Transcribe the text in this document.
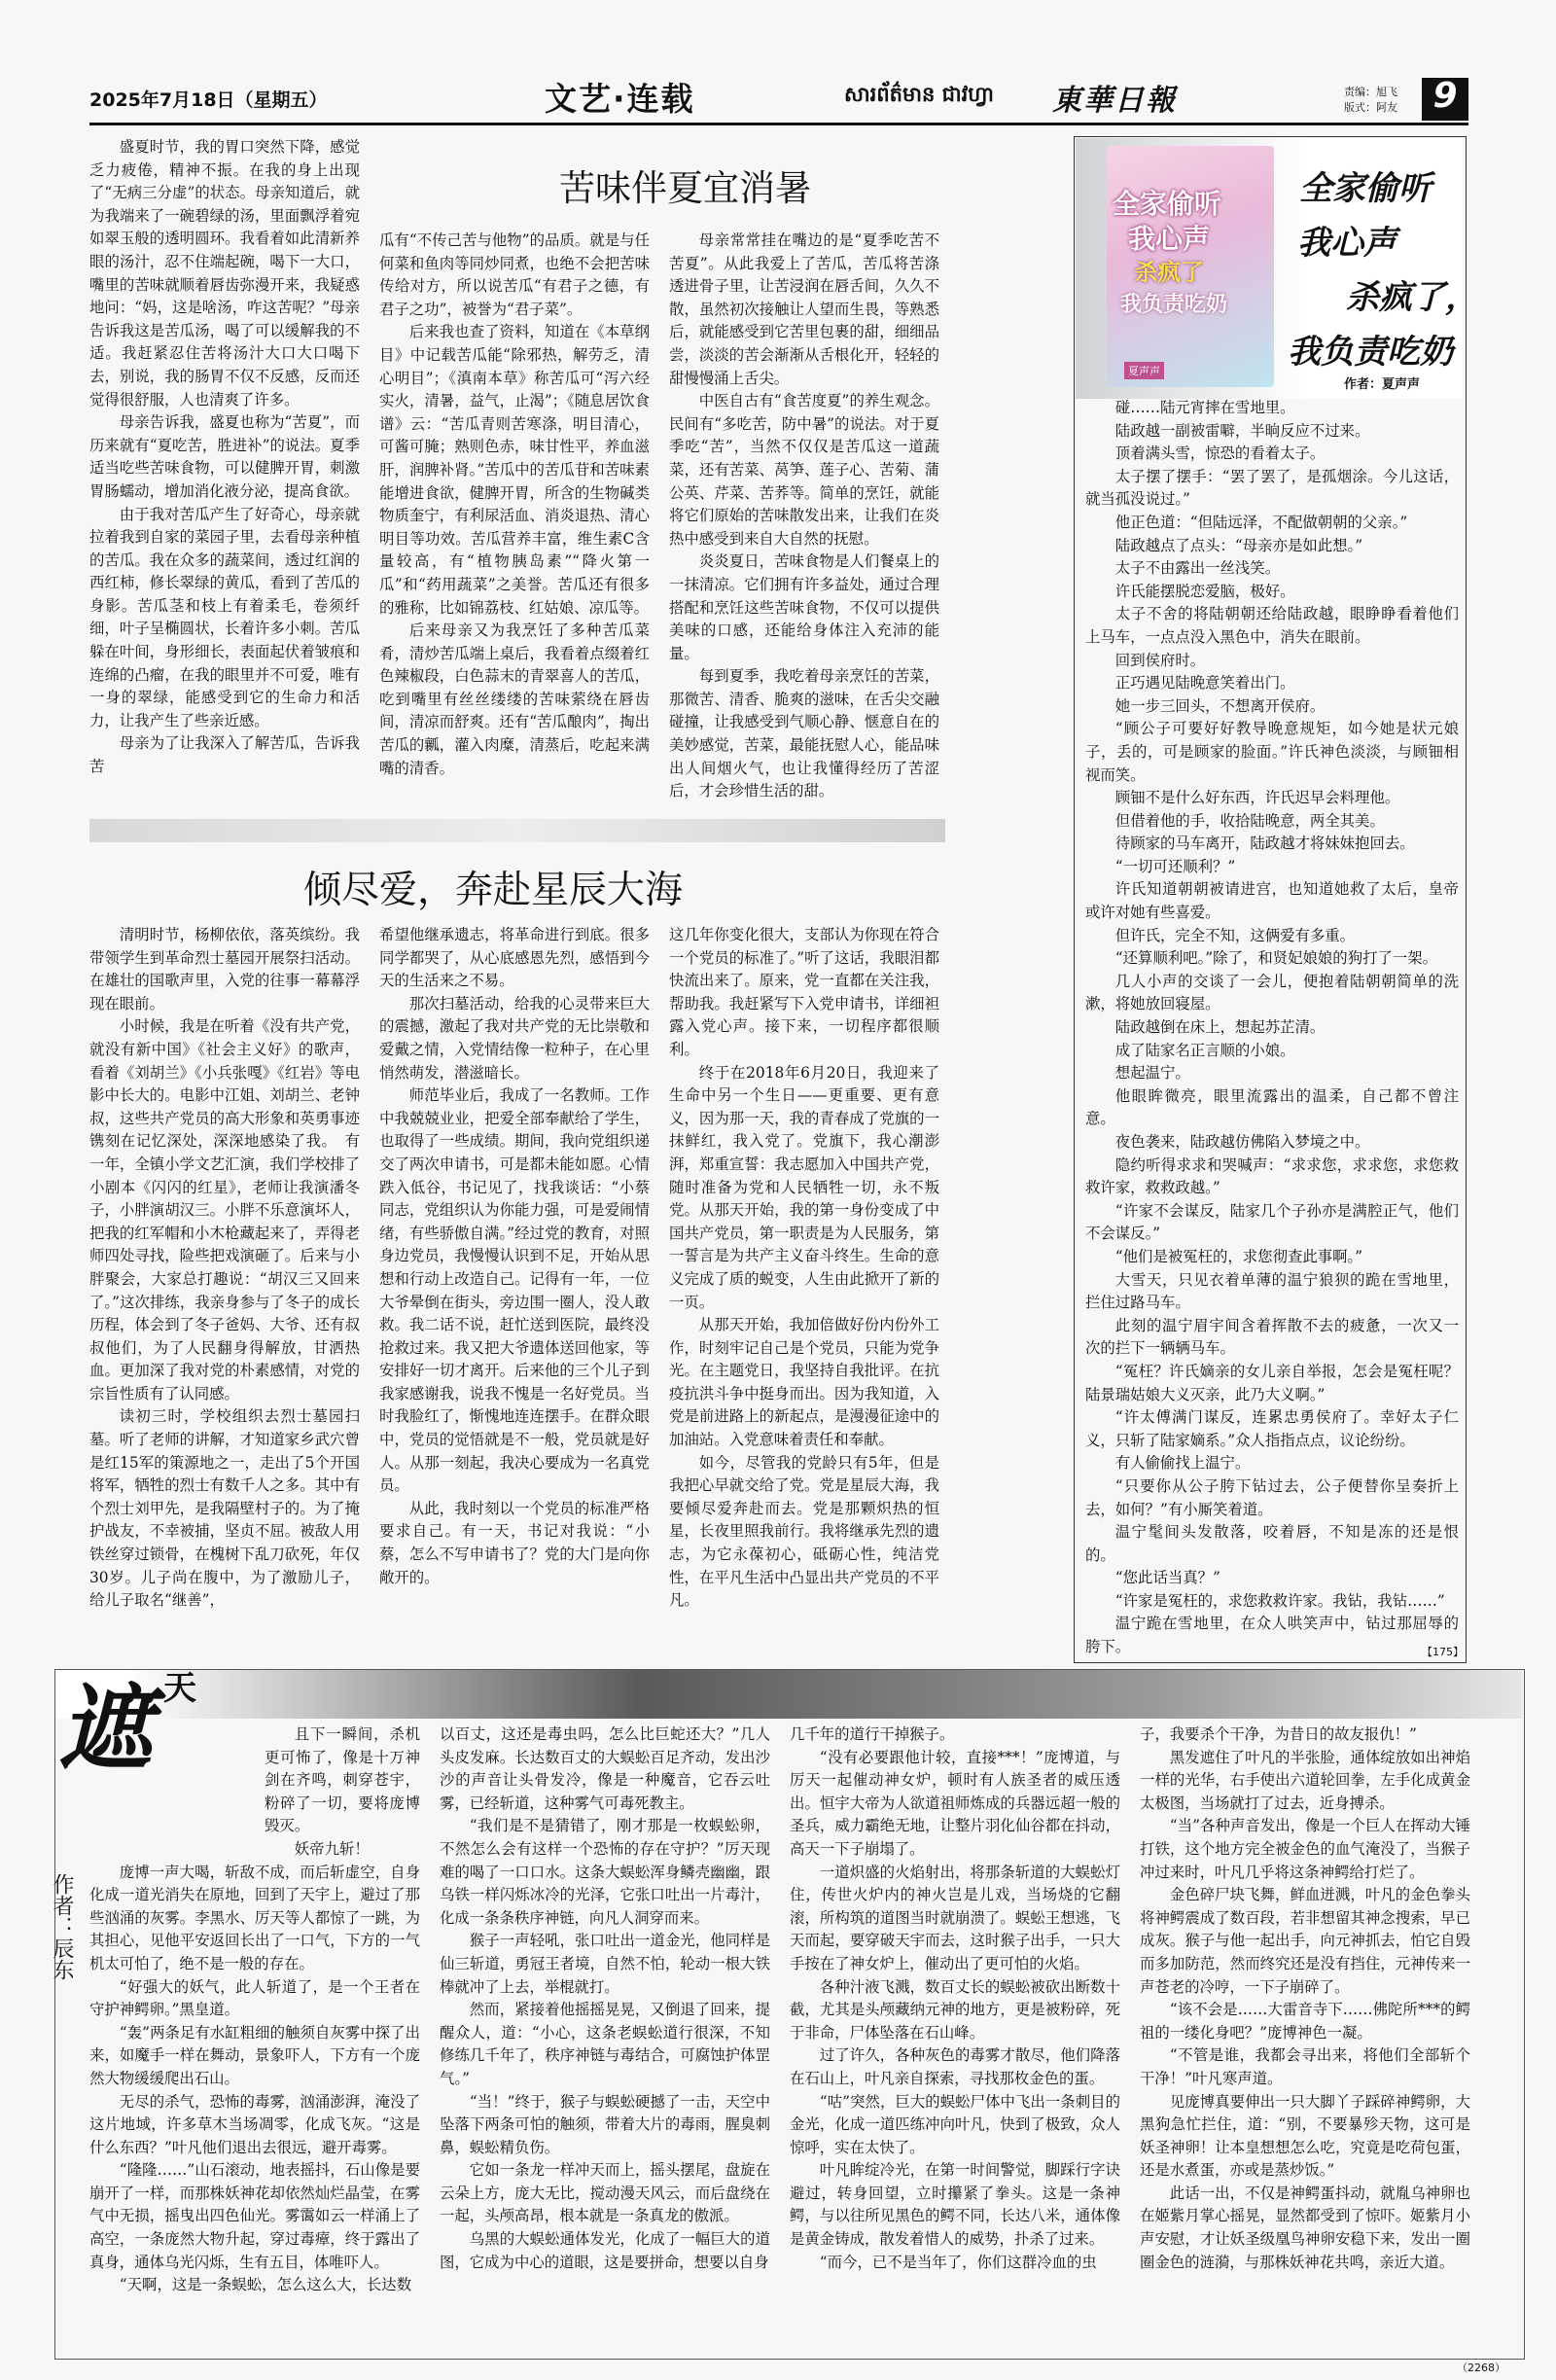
2025年7月18日（星期五）	文艺·连载	សារព័ត៌មាន ជាវហ្វា 東華日報	责编：旭飞
版式：阿友	9
苦味伴夏宜消暑

盛夏时节，我的胃口突然下降，感觉乏力疲倦，精神不振。在我的身上出现了“无病三分虚”的状态。母亲知道后，就为我端来了一碗碧绿的汤，里面飘浮着宛如翠玉般的透明圆环。我看着如此清新养眼的汤汁，忍不住端起碗，喝下一大口，嘴里的苦味就顺着唇齿弥漫开来，我疑惑地问：“妈，这是啥汤，咋这苦呢？”母亲告诉我这是苦瓜汤，喝了可以缓解我的不适。我赶紧忍住苦将汤汁大口大口喝下去，别说，我的肠胃不仅不反感，反而还觉得很舒服，人也清爽了许多。

母亲告诉我，盛夏也称为“苦夏”，而历来就有“夏吃苦，胜进补”的说法。夏季适当吃些苦味食物，可以健脾开胃，刺激胃肠蠕动，增加消化液分泌，提高食欲。

由于我对苦瓜产生了好奇心，母亲就拉着我到自家的菜园子里，去看母亲种植的苦瓜。我在众多的蔬菜间，透过红润的西红柿，修长翠绿的黄瓜，看到了苦瓜的身影。苦瓜茎和枝上有着柔毛，卷须纤细，叶子呈椭圆状，长着许多小刺。苦瓜躲在叶间，身形细长，表面起伏着皱痕和连绵的凸瘤，在我的眼里并不可爱，唯有一身的翠绿，能感受到它的生命力和活力，让我产生了些亲近感。

母亲为了让我深入了解苦瓜，告诉我苦

瓜有“不传己苦与他物”的品质。就是与任何菜和鱼肉等同炒同煮，也绝不会把苦味传给对方，所以说苦瓜“有君子之德，有君子之功”，被誉为“君子菜”。

后来我也查了资料，知道在《本草纲目》中记载苦瓜能“除邪热，解劳乏，清心明目”；《滇南本草》称苦瓜可“泻六经实火，清暑，益气，止渴”；《随息居饮食谱》云：“苦瓜青则苦寒涤，明目清心，可酱可腌；熟则色赤，味甘性平，养血滋肝，润脾补肾。”苦瓜中的苦瓜苷和苦味素能增进食欲，健脾开胃，所含的生物碱类物质奎宁，有利尿活血、消炎退热、清心明目等功效。苦瓜营养丰富，维生素C含量较高，有“植物胰岛素”“降火第一瓜”和“药用蔬菜”之美誉。苦瓜还有很多的雅称，比如锦荔枝、红姑娘、凉瓜等。

后来母亲又为我烹饪了多种苦瓜菜肴，清炒苦瓜端上桌后，我看着点缀着红色辣椒段，白色蒜末的青翠喜人的苦瓜，吃到嘴里有丝丝缕缕的苦味萦绕在唇齿间，清凉而舒爽。还有“苦瓜酿肉”，掏出苦瓜的瓤，灌入肉糜，清蒸后，吃起来满嘴的清香。

母亲常常挂在嘴边的是“夏季吃苦不苦夏”。从此我爱上了苦瓜，苦瓜将苦涤透进骨子里，让苦浸润在唇舌间，久久不散，虽然初次接触让人望而生畏，等熟悉后，就能感受到它苦里包裹的甜，细细品尝，淡淡的苦会渐渐从舌根化开，轻轻的甜慢慢涌上舌尖。

中医自古有“食苦度夏”的养生观念。民间有“多吃苦，防中暑”的说法。对于夏季吃“苦”，当然不仅仅是苦瓜这一道蔬菜，还有苦菜、莴笋、莲子心、苦菊、蒲公英、芹菜、苦荞等。简单的烹饪，就能将它们原始的苦味散发出来，让我们在炎热中感受到来自大自然的抚慰。

炎炎夏日，苦味食物是人们餐桌上的一抹清凉。它们拥有许多益处，通过合理搭配和烹饪这些苦味食物，不仅可以提供美味的口感，还能给身体注入充沛的能量。

每到夏季，我吃着母亲烹饪的苦菜，那微苦、清香、脆爽的滋味，在舌尖交融碰撞，让我感受到气顺心静、惬意自在的美妙感觉，苦菜，最能抚慰人心，能品味出人间烟火气，也让我懂得经历了苦涩后，才会珍惜生活的甜。

倾尽爱，奔赴星辰大海

清明时节，杨柳依依，落英缤纷。我带领学生到革命烈士墓园开展祭扫活动。在雄壮的国歌声里，入党的往事一幕幕浮现在眼前。

小时候，我是在听着《没有共产党，就没有新中国》《社会主义好》的歌声，看着《刘胡兰》《小兵张嘎》《红岩》等电影中长大的。电影中江姐、刘胡兰、老钟叔，这些共产党员的高大形象和英勇事迹镌刻在记忆深处，深深地感染了我。　有一年，全镇小学文艺汇演，我们学校排了小剧本《闪闪的红星》，老师让我演潘冬子，小胖演胡汉三。小胖不乐意演坏人，把我的红军帽和小木枪藏起来了，弄得老师四处寻找，险些把戏演砸了。后来与小胖聚会，大家总打趣说：“胡汉三又回来了。”这次排练，我亲身参与了冬子的成长历程，体会到了冬子爸妈、大爷、还有叔叔他们，为了人民翻身得解放，甘洒热血。更加深了我对党的朴素感情，对党的宗旨性质有了认同感。

读初三时，学校组织去烈士墓园扫墓。听了老师的讲解，才知道家乡武穴曾是红15军的策源地之一，走出了5个开国将军，牺牲的烈士有数千人之多。其中有个烈士刘甲先，是我隔壁村子的。为了掩护战友，不幸被捕，坚贞不屈。被敌人用铁丝穿过锁骨，在槐树下乱刀砍死，年仅30岁。儿子尚在腹中，为了激励儿子，给儿子取名“继善”，

希望他继承遗志，将革命进行到底。很多同学都哭了，从心底感恩先烈，感悟到今天的生活来之不易。

那次扫墓活动，给我的心灵带来巨大的震撼，激起了我对共产党的无比崇敬和爱戴之情，入党情结像一粒种子，在心里悄然萌发，潜滋暗长。

师范毕业后，我成了一名教师。工作中我兢兢业业，把爱全部奉献给了学生，也取得了一些成绩。期间，我向党组织递交了两次申请书，可是都未能如愿。心情跌入低谷，书记见了，找我谈话：“小蔡同志，党组织认为你能力强，可是爱闹情绪，有些骄傲自满。”经过党的教育，对照身边党员，我慢慢认识到不足，开始从思想和行动上改造自己。记得有一年，一位大爷晕倒在街头，旁边围一圈人，没人敢救。我二话不说，赶忙送到医院，最终没抢救过来。我又把大爷遗体送回他家，等安排好一切才离开。后来他的三个儿子到我家感谢我，说我不愧是一名好党员。当时我脸红了，惭愧地连连摆手。在群众眼中，党员的觉悟就是不一般，党员就是好人。从那一刻起，我决心要成为一名真党员。

从此，我时刻以一个党员的标准严格要求自己。有一天，书记对我说：“小蔡，怎么不写申请书了？党的大门是向你敞开的。

这几年你变化很大，支部认为你现在符合一个党员的标准了。”听了这话，我眼泪都快流出来了。原来，党一直都在关注我，帮助我。我赶紧写下入党申请书，详细袒露入党心声。接下来，一切程序都很顺利。

终于在2018年6月20日，我迎来了生命中另一个生日——更重要、更有意义，因为那一天，我的青春成了党旗的一抹鲜红，我入党了。党旗下，我心潮澎湃，郑重宣誓：我志愿加入中国共产党，随时准备为党和人民牺牲一切，永不叛党。从那天开始，我的第一身份变成了中国共产党员，第一职责是为人民服务，第一誓言是为共产主义奋斗终生。生命的意义完成了质的蜕变，人生由此掀开了新的一页。

从那天开始，我加倍做好份内份外工作，时刻牢记自己是个党员，只能为党争光。在主题党日，我坚持自我批评。在抗疫抗洪斗争中挺身而出。因为我知道，入党是前进路上的新起点，是漫漫征途中的加油站。入党意味着责任和奉献。

如今，尽管我的党龄只有5年，但是我把心早就交给了党。党是星辰大海，我要倾尽爱奔赴而去。党是那颗炽热的恒星，长夜里照我前行。我将继承先烈的遗志，为它永葆初心，砥砺心性，纯洁党性，在平凡生活中凸显出共产党员的不平凡。

全家偷听
我心声
杀疯了
我负责吃奶
夏声声
全家偷听
我心声
杀疯了，
我负责吃奶
作者：夏声声

碰……陆元宵摔在雪地里。

陆政越一副被雷噼，半晌反应不过来。

顶着满头雪，惊恐的看着太子。

太子摆了摆手：“罢了罢了，是孤烟涂。今儿这话，就当孤没说过。”

他正色道：“但陆远泽，不配做朝朝的父亲。”

陆政越点了点头：“母亲亦是如此想。”

太子不由露出一丝浅笑。

许氏能摆脱恋爱脑，极好。

太子不舍的将陆朝朝还给陆政越，眼睁睁看着他们上马车，一点点没入黑色中，消失在眼前。

回到侯府时。

正巧遇见陆晚意笑着出门。

她一步三回头，不想离开侯府。

“顾公子可要好好教导晚意规矩，如今她是状元娘子，丢的，可是顾家的脸面。”许氏神色淡淡，与顾钿相视而笑。

顾钿不是什么好东西，许氏迟早会料理他。

但借着他的手，收拾陆晚意，两全其美。

待顾家的马车离开，陆政越才将妹妹抱回去。

“一切可还顺利？”

许氏知道朝朝被请进宫，也知道她救了太后，皇帝或许对她有些喜爱。

但许氏，完全不知，这俩爱有多重。

“还算顺利吧。”除了，和贤妃娘娘的狗打了一架。

几人小声的交谈了一会儿，便抱着陆朝朝简单的洗漱，将她放回寝屋。

陆政越倒在床上，想起苏芷清。

成了陆家名正言顺的小娘。

想起温宁。

他眼眸微亮，眼里流露出的温柔，自己都不曾注意。

夜色袭来，陆政越仿佛陷入梦境之中。

隐约听得求求和哭喊声：“求求您，求求您，求您救救许家，救救政越。”

“许家不会谋反，陆家几个子孙亦是满腔正气，他们不会谋反。”

“他们是被冤枉的，求您彻查此事啊。”

大雪天，只见衣着单薄的温宁狼狈的跪在雪地里，拦住过路马车。

此刻的温宁眉宇间含着挥散不去的疲惫，一次又一次的拦下一辆辆马车。

“冤枉？许氏嫡亲的女儿亲自举报，怎会是冤枉呢？陆景瑞姑娘大义灭亲，此乃大义啊。”

“许太傅满门谋反，连累忠勇侯府了。幸好太子仁义，只斩了陆家嫡系。”众人指指点点，议论纷纷。

有人偷偷找上温宁。

“只要你从公子胯下钻过去，公子便替你呈奏折上去，如何？”有小厮笑着道。

温宁髦间头发散落，咬着唇，不知是冻的还是恨的。

“您此话当真？”

“许家是冤枉的，求您救救许家。我钻，我钻……”

温宁跪在雪地里，在众人哄笑声中，钻过那屈辱的胯下。	【175】
遮 天
作者：辰东

且下一瞬间，杀机更可怖了，像是十万神剑在齐鸣，刺穿苍宇，粉碎了一切，要将庞博毁灭。

妖帝九斩！

庞博一声大喝，斩敌不成，而后斩虚空，自身化成一道光消失在原地，回到了天宇上，避过了那些汹涌的灰雾。李黑水、厉天等人都惊了一跳，为其担心，见他平安返回长出了一口气，下方的一气机太可怕了，绝不是一般的存在。

“好强大的妖气，此人斩道了，是一个王者在守护神鳄卵。”黑皇道。

“轰”两条足有水缸粗细的触须自灰雾中探了出来，如魔手一样在舞动，景象吓人，下方有一个庞然大物缓缓爬出石山。

无尽的杀气，恐怖的毒雾，汹涌澎湃，淹没了这片地域，许多草木当场凋零，化成飞灰。“这是什么东西？”叶凡他们退出去很远，避开毒雾。

“隆隆……”山石滚动，地表摇抖，石山像是要崩开了一样，而那株妖神花却依然灿烂晶莹，在雾气中无损，摇曳出四色仙光。雾霭如云一样涌上了高空，一条庞然大物升起，穿过毒瘴，终于露出了真身，通体乌光闪烁，生有五目，体唯吓人。

“天啊，这是一条蜈蚣，怎么这么大，长达数

以百丈，这还是毒虫吗，怎么比巨蛇还大？”几人头皮发麻。长达数百丈的大蜈蚣百足齐动，发出沙沙的声音让头骨发冷，像是一种魔音，它吞云吐雾，已经斩道，这种雾气可毒死教主。

“我们是不是猜错了，刚才那是一枚蜈蚣卵，不然怎么会有这样一个恐怖的存在守护？”厉天现难的喝了一口口水。这条大蜈蚣浑身鳞壳幽幽，跟乌铁一样闪烁冰冷的光泽，它张口吐出一片毒汁，化成一条条秩序神链，向凡人洞穿而来。

猴子一声轻吼，张口吐出一道金光，他同样是仙三斩道，勇冠王者境，自然不怕，轮动一根大铁棒就冲了上去，举棍就打。

然而，紧接着他摇摇晃晃，又倒退了回来，提醒众人，道：“小心，这条老蜈蚣道行很深，不知修练几千年了，秩序神链与毒结合，可腐蚀护体罡气。”

“当！”终于，猴子与蜈蚣硬撼了一击，天空中坠落下两条可怕的触须，带着大片的毒雨，腥臭刺鼻，蜈蚣精负伤。

它如一条龙一样冲天而上，摇头摆尾，盘旋在云朵上方，庞大无比，搅动漫天风云，而后盘绕在一起，头颅高昂，根本就是一条真龙的傲派。

乌黑的大蜈蚣通体发光，化成了一幅巨大的道图，它成为中心的道眼，这是要拼命，想要以自身

几千年的道行干掉猴子。

“没有必要跟他计较，直接***！”庞博道，与厉天一起催动神女炉，顿时有人族圣者的威压透出。恒宇大帝为人欲道祖师炼成的兵器远超一般的圣兵，威力霸绝无地，让整片羽化仙谷都在抖动，高天一下子崩塌了。

一道炽盛的火焰射出，将那条斩道的大蜈蚣灯住，传世火炉内的神火岂是儿戏，当场烧的它翻滚，所构筑的道图当时就崩溃了。蜈蚣王想逃，飞天而起，要穿破天宇而去，这时猴子出手，一只大手按在了神女炉上，催动出了更可怕的火焰。

各种汁液飞溅，数百丈长的蜈蚣被砍出断数十截，尤其是头颅藏纳元神的地方，更是被粉碎，死于非命，尸体坠落在石山峰。

过了许久，各种灰色的毒雾才散尽，他们降落在石山上，叶凡亲自探索，寻找那枚金色的蛋。

“咕”突然，巨大的蜈蚣尸体中飞出一条刺目的金光，化成一道匹练冲向叶凡，快到了极致，众人惊呼，实在太快了。

叶凡眸绽冷光，在第一时间警觉，脚踩行字诀避过，转身回望，立时攥紧了拳头。这是一条神鳄，与以往所见黑色的鳄不同，长达八米，通体像是黄金铸成，散发着惜人的威势，扑杀了过来。

“而今，已不是当年了，你们这群冷血的虫

子，我要杀个干净，为昔日的故友报仇！”

黑发遮住了叶凡的半张脸，通体绽放如出神焰一样的光华，右手使出六道轮回拳，左手化成黄金太极图，当场就打了过去，近身搏杀。

“当”各种声音发出，像是一个巨人在挥动大锤打铁，这个地方完全被金色的血气淹没了，当猴子冲过来时，叶凡几乎将这条神鳄给打烂了。

金色碎尸块飞舞，鲜血迸溅，叶凡的金色拳头将神鳄震成了数百段，若非想留其神念搜索，早已成灰。猴子与他一起出手，向元神抓去，怕它自毁而多加防范，然而终究还是没有挡住，元神传来一声苍老的冷哼，一下子崩碎了。

“该不会是……大雷音寺下……佛陀所***的鳄祖的一缕化身吧？”庞博神色一凝。

“不管是谁，我都会寻出来，将他们全部斩个干净！”叶凡寒声道。

见庞博真要伸出一只大脚丫子踩碎神鳄卵，大黑狗急忙拦住，道：“别，不要暴殄天物，这可是妖圣神卵！让本皇想想怎么吃，究竟是吃荷包蛋，还是水煮蛋，亦或是蒸炒饭。”

此话一出，不仅是神鳄蛋抖动，就胤乌神卵也在姬紫月掌心摇晃，显然都受到了惊吓。姬紫月小声安慰，才让妖圣级凰鸟神卵安稳下来，发出一圈圈金色的涟漪，与那株妖神花共鸣，亲近大道。

（2268）
